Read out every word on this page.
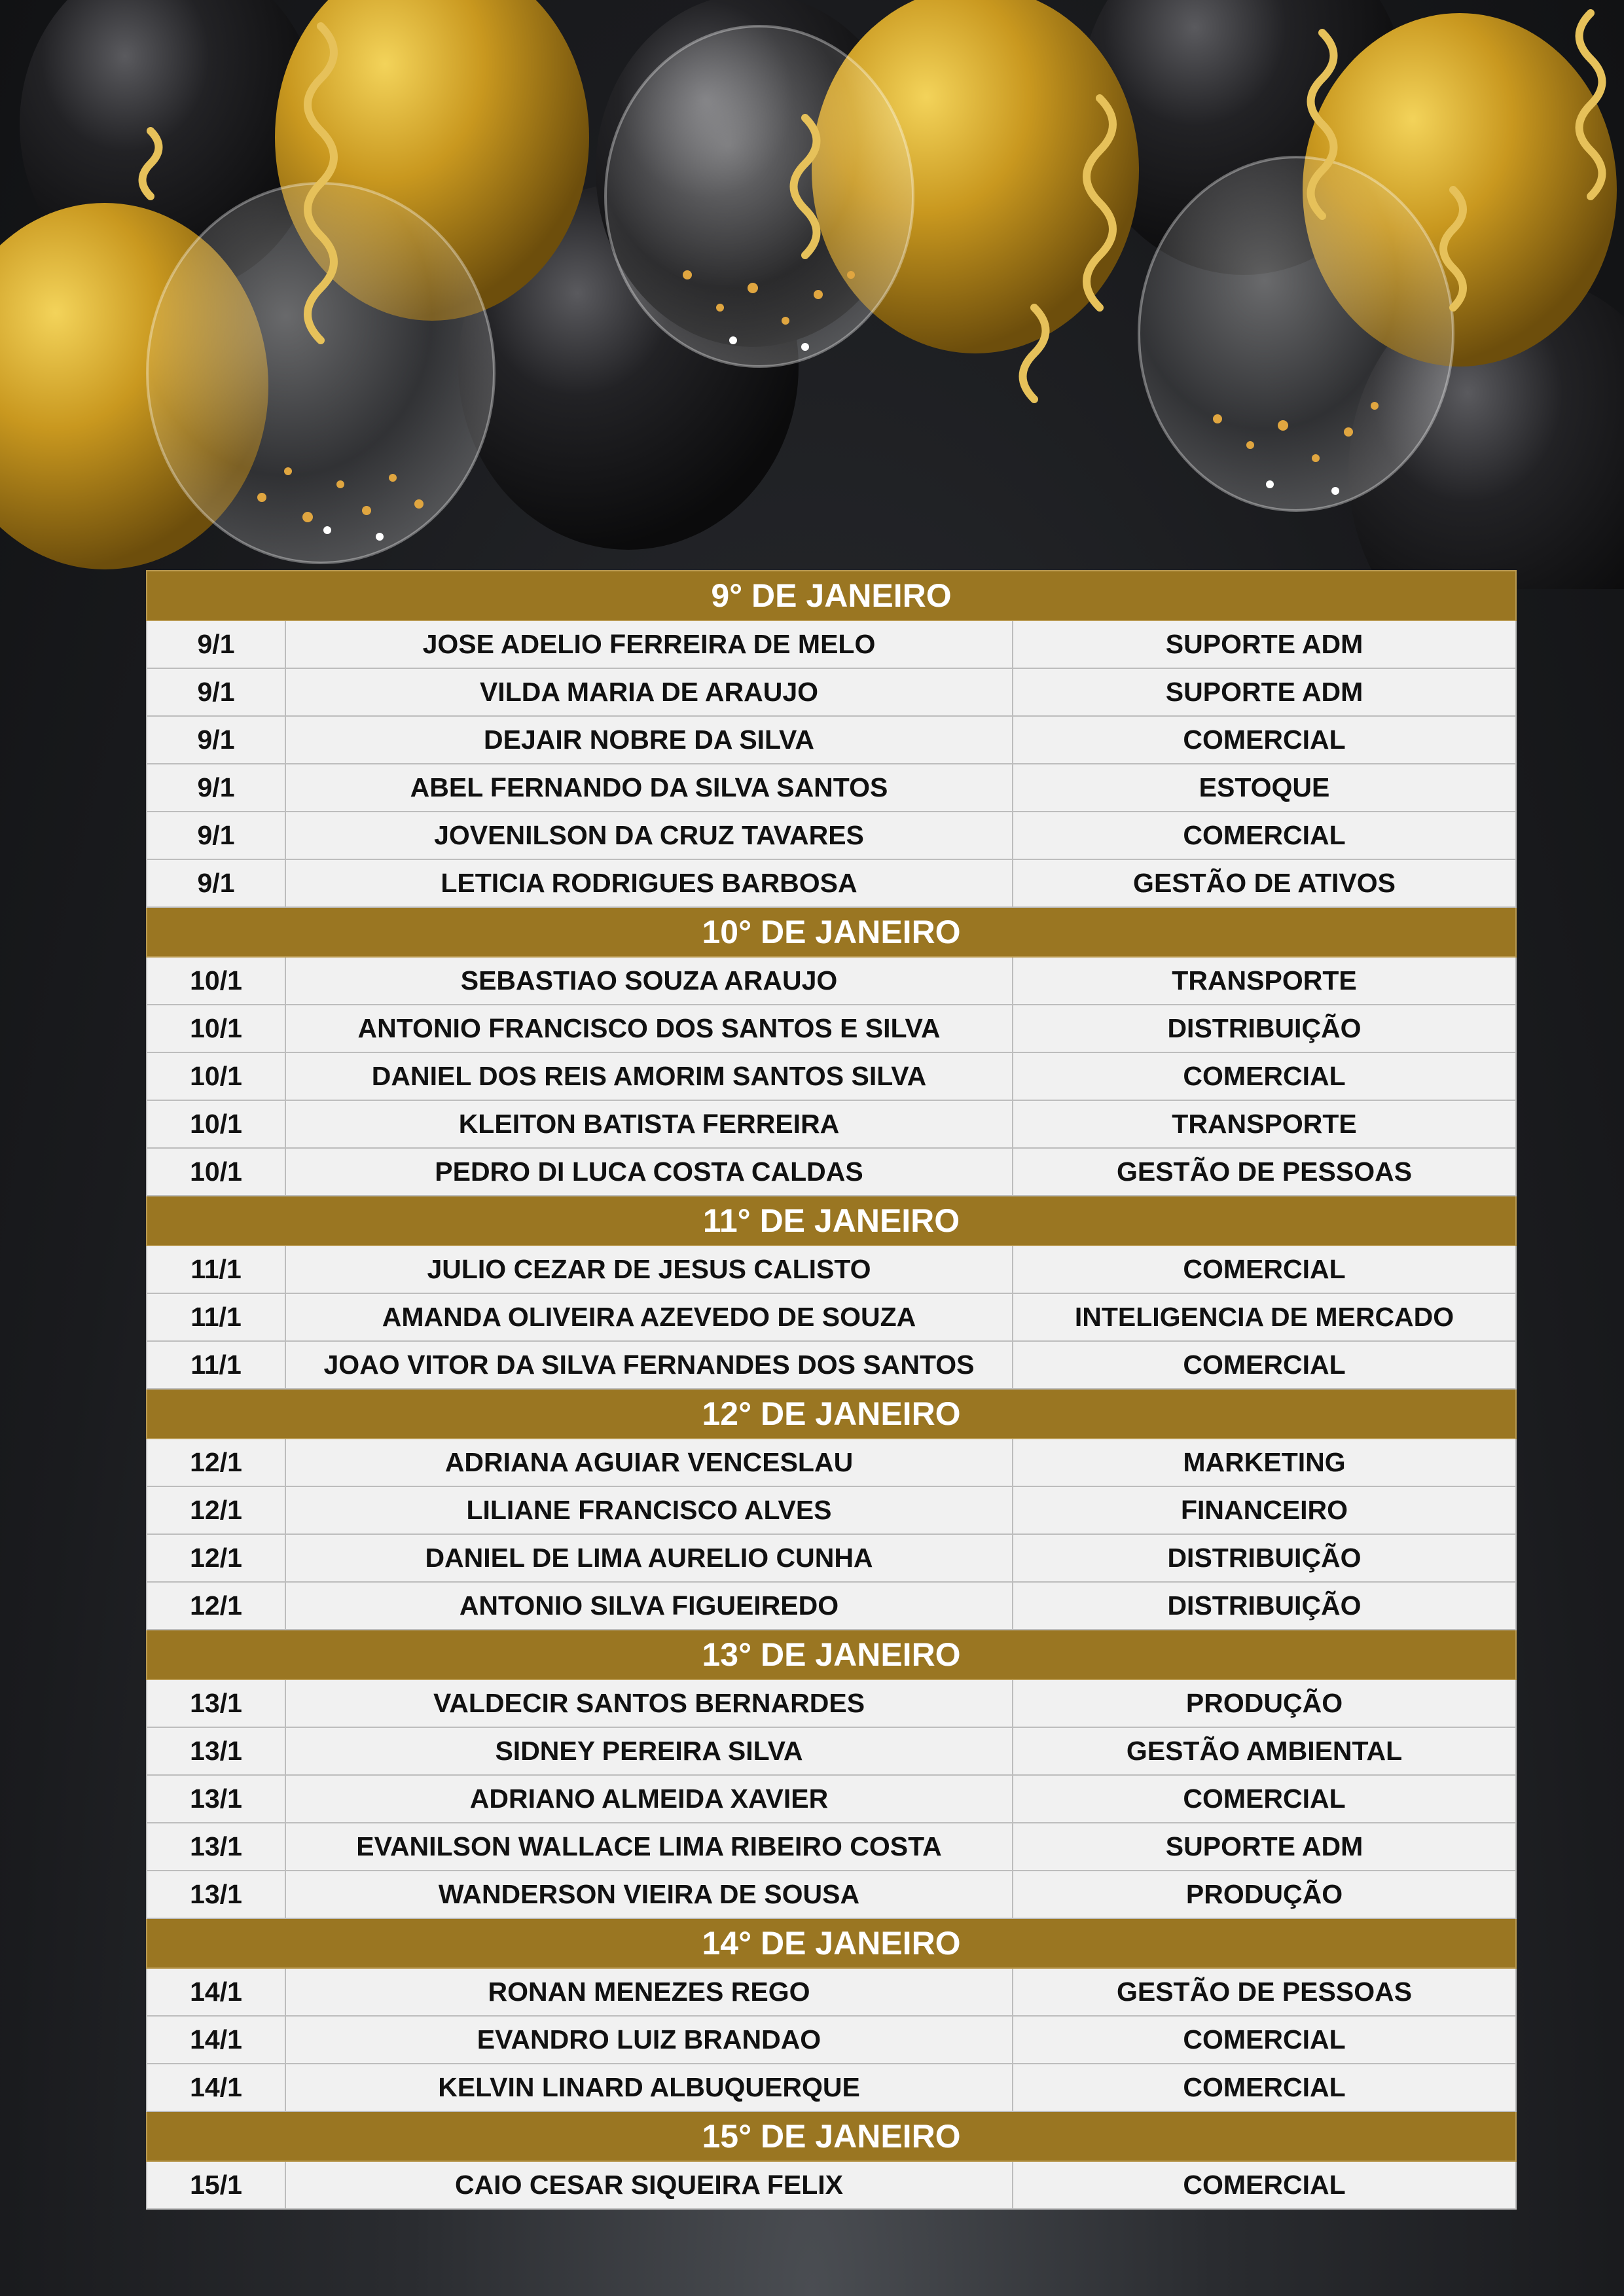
9° DE JANEIRO		
9/1	JOSE ADELIO FERREIRA DE MELO	SUPORTE ADM
9/1	VILDA MARIA DE ARAUJO	SUPORTE ADM
9/1	DEJAIR NOBRE DA SILVA	COMERCIAL
9/1	ABEL FERNANDO DA SILVA SANTOS	ESTOQUE
9/1	JOVENILSON DA CRUZ TAVARES	COMERCIAL
9/1	LETICIA RODRIGUES BARBOSA	GESTÃO DE ATIVOS
10° DE JANEIRO		
10/1	SEBASTIAO SOUZA ARAUJO	TRANSPORTE
10/1	ANTONIO FRANCISCO DOS SANTOS E SILVA	DISTRIBUIÇÃO
10/1	DANIEL DOS REIS AMORIM SANTOS SILVA	COMERCIAL
10/1	KLEITON BATISTA FERREIRA	TRANSPORTE
10/1	PEDRO DI LUCA COSTA CALDAS	GESTÃO DE PESSOAS
11° DE JANEIRO		
11/1	JULIO CEZAR DE JESUS CALISTO	COMERCIAL
11/1	AMANDA OLIVEIRA AZEVEDO DE SOUZA	INTELIGENCIA DE MERCADO
11/1	JOAO VITOR DA SILVA FERNANDES DOS SANTOS	COMERCIAL
12° DE JANEIRO		
12/1	ADRIANA AGUIAR VENCESLAU	MARKETING
12/1	LILIANE FRANCISCO ALVES	FINANCEIRO
12/1	DANIEL DE LIMA AURELIO CUNHA	DISTRIBUIÇÃO
12/1	ANTONIO SILVA FIGUEIREDO	DISTRIBUIÇÃO
13° DE JANEIRO		
13/1	VALDECIR SANTOS BERNARDES	PRODUÇÃO
13/1	SIDNEY PEREIRA SILVA	GESTÃO AMBIENTAL
13/1	ADRIANO ALMEIDA XAVIER	COMERCIAL
13/1	EVANILSON WALLACE LIMA RIBEIRO COSTA	SUPORTE ADM
13/1	WANDERSON VIEIRA DE SOUSA	PRODUÇÃO
14° DE JANEIRO		
14/1	RONAN MENEZES REGO	GESTÃO DE PESSOAS
14/1	EVANDRO LUIZ BRANDAO	COMERCIAL
14/1	KELVIN LINARD ALBUQUERQUE	COMERCIAL
15° DE JANEIRO		
15/1	CAIO CESAR SIQUEIRA FELIX	COMERCIAL
